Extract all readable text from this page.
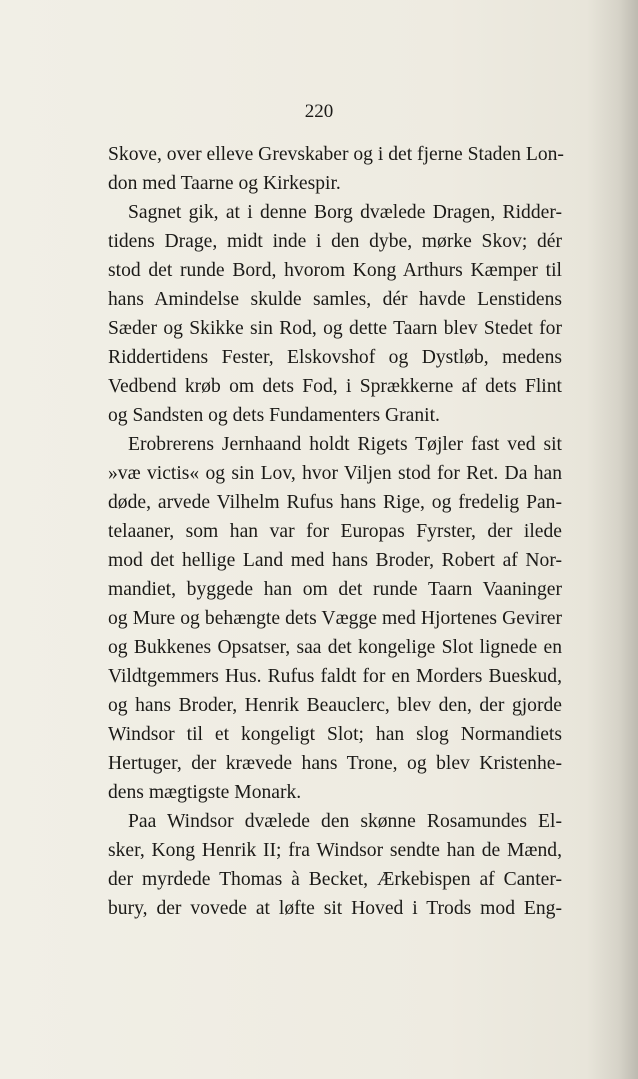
220
Skove, over elleve Grevskaber og i det fjerne Staden Lon-
don med Taarne og Kirkespir.
Sagnet gik, at i denne Borg dvælede Dragen, Ridder-
tidens Drage, midt inde i den dybe, mørke Skov; dér
stod det runde Bord, hvorom Kong Arthurs Kæmper til
hans Amindelse skulde samles, dér havde Lenstidens
Sæder og Skikke sin Rod, og dette Taarn blev Stedet for
Riddertidens Fester, Elskovshof og Dystløb, medens
Vedbend krøb om dets Fod, i Sprækkerne af dets Flint
og Sandsten og dets Fundamenters Granit.
Erobrerens Jernhaand holdt Rigets Tøjler fast ved sit
»væ victis« og sin Lov, hvor Viljen stod for Ret. Da han
døde, arvede Vilhelm Rufus hans Rige, og fredelig Pan-
telaaner, som han var for Europas Fyrster, der ilede
mod det hellige Land med hans Broder, Robert af Nor-
mandiet, byggede han om det runde Taarn Vaaninger
og Mure og behængte dets Vægge med Hjortenes Gevirer
og Bukkenes Opsatser, saa det kongelige Slot lignede en
Vildtgemmers Hus. Rufus faldt for en Morders Bueskud,
og hans Broder, Henrik Beauclerc, blev den, der gjorde
Windsor til et kongeligt Slot; han slog Normandiets
Hertuger, der krævede hans Trone, og blev Kristenhe-
dens mægtigste Monark.
Paa Windsor dvælede den skønne Rosamundes El-
sker, Kong Henrik II; fra Windsor sendte han de Mænd,
der myrdede Thomas à Becket, Ærkebispen af Canter-
bury, der vovede at løfte sit Hoved i Trods mod Eng-
